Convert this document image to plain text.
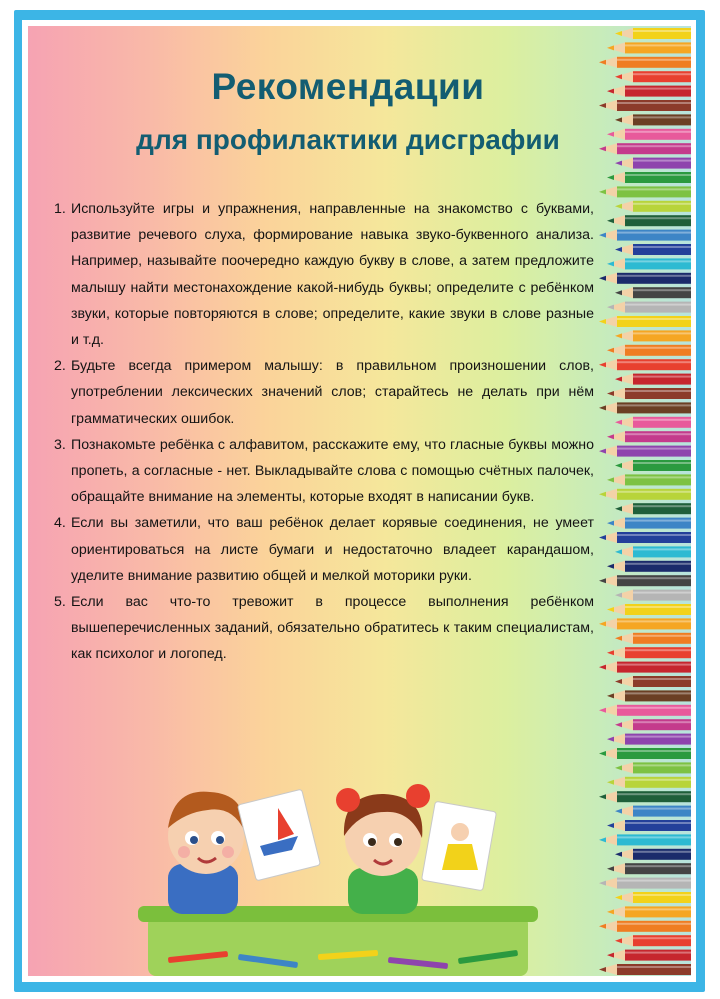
Рекомендации
для профилактики дисграфии
1. Используйте игры и упражнения, направленные на знакомство с буквами, развитие речевого слуха, формирование навыка звуко-буквенного анализа. Например, называйте поочередно каждую букву в слове, а затем предложите малышу найти местонахождение какой-нибудь буквы; определите с ребёнком звуки, которые повторяются в слове; определите, какие звуки в слове разные и т.д.
2. Будьте всегда примером малышу: в правильном произношении слов, употреблении лексических значений слов; старайтесь не делать при нём грамматических ошибок.
3. Познакомьте ребёнка с алфавитом, расскажите ему, что гласные буквы можно пропеть, а согласные - нет. Выкладывайте слова с помощью счётных палочек, обращайте внимание на элементы, которые входят в написании букв.
4. Если вы заметили, что ваш ребёнок делает корявые соединения, не умеет ориентироваться на листе бумаги и недостаточно владеет карандашом, уделите внимание развитию общей и мелкой моторики руки.
5. Если вас что-то тревожит в процессе выполнения ребёнком вышеперечисленных заданий, обязательно обратитесь к таким специалистам, как психолог и логопед.
